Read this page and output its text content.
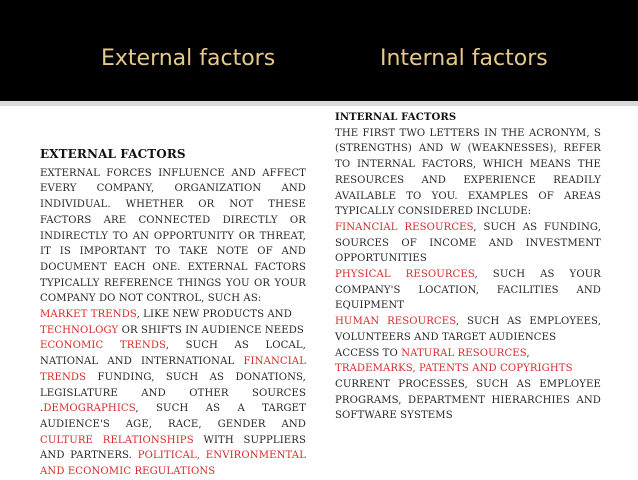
External factors	Internal factors
EXTERNAL FACTORS
EXTERNAL FORCES INFLUENCE AND AFFECT EVERY COMPANY, ORGANIZATION AND INDIVIDUAL. WHETHER OR NOT THESE FACTORS ARE CONNECTED DIRECTLY OR INDIRECTLY TO AN OPPORTUNITY OR THREAT, IT IS IMPORTANT TO TAKE NOTE OF AND DOCUMENT EACH ONE. EXTERNAL FACTORS TYPICALLY REFERENCE THINGS YOU OR YOUR COMPANY DO NOT CONTROL, SUCH AS:
MARKET TRENDS, LIKE NEW PRODUCTS AND
TECHNOLOGY OR SHIFTS IN AUDIENCE NEEDS
ECONOMIC TRENDS, SUCH AS LOCAL, NATIONAL AND INTERNATIONAL FINANCIAL TRENDS FUNDING, SUCH AS DONATIONS, LEGISLATURE AND OTHER SOURCES .DEMOGRAPHICS, SUCH AS A TARGET AUDIENCE'S AGE, RACE, GENDER AND CULTURE RELATIONSHIPS WITH SUPPLIERS AND PARTNERS. POLITICAL, ENVIRONMENTAL AND ECONOMIC REGULATIONS
INTERNAL FACTORS
THE FIRST TWO LETTERS IN THE ACRONYM, S (STRENGTHS) AND W (WEAKNESSES), REFER TO INTERNAL FACTORS, WHICH MEANS THE RESOURCES AND EXPERIENCE READILY AVAILABLE TO YOU. EXAMPLES OF AREAS TYPICALLY CONSIDERED INCLUDE:
FINANCIAL RESOURCES, SUCH AS FUNDING, SOURCES OF INCOME AND INVESTMENT OPPORTUNITIES
PHYSICAL RESOURCES, SUCH AS YOUR COMPANY'S LOCATION, FACILITIES AND EQUIPMENT
HUMAN RESOURCES, SUCH AS EMPLOYEES, VOLUNTEERS AND TARGET AUDIENCES
ACCESS TO NATURAL RESOURCES,
TRADEMARKS, PATENTS AND COPYRIGHTS
CURRENT PROCESSES, SUCH AS EMPLOYEE PROGRAMS, DEPARTMENT HIERARCHIES AND SOFTWARE SYSTEMS
